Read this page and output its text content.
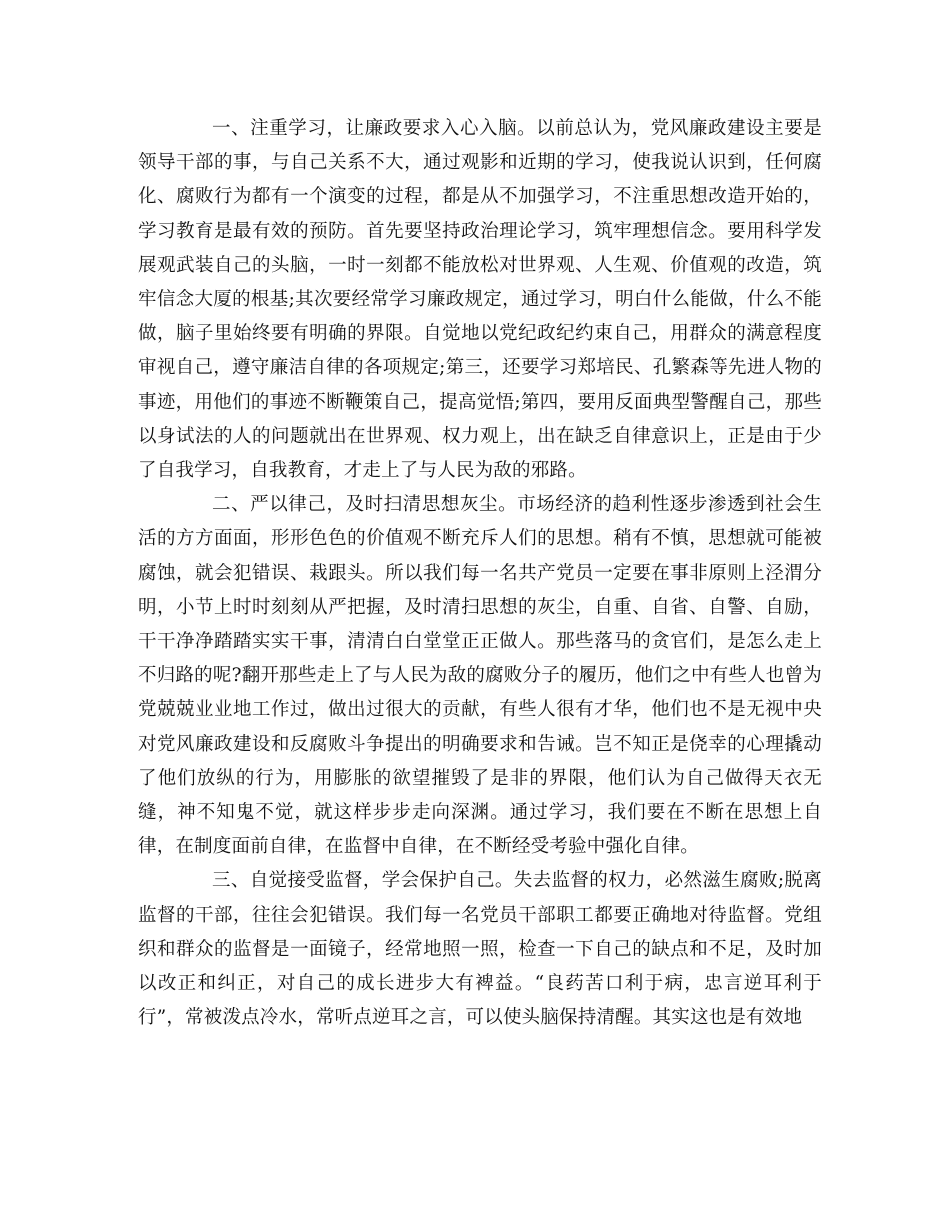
一、注重学习，让廉政要求入心入脑。以前总认为，党风廉政建设主要是领导干部的事，与自己关系不大，通过观影和近期的学习，使我说认识到，任何腐化、腐败行为都有一个演变的过程，都是从不加强学习，不注重思想改造开始的，学习教育是最有效的预防。首先要坚持政治理论学习，筑牢理想信念。要用科学发展观武装自己的头脑，一时一刻都不能放松对世界观、人生观、价值观的改造，筑牢信念大厦的根基;其次要经常学习廉政规定，通过学习，明白什么能做，什么不能做，脑子里始终要有明确的界限。自觉地以党纪政纪约束自己，用群众的满意程度审视自己，遵守廉洁自律的各项规定;第三，还要学习郑培民、孔繁森等先进人物的事迹，用他们的事迹不断鞭策自己，提高觉悟;第四，要用反面典型警醒自己，那些以身试法的人的问题就出在世界观、权力观上，出在缺乏自律意识上，正是由于少了自我学习，自我教育，才走上了与人民为敌的邪路。

二、严以律己，及时扫清思想灰尘。市场经济的趋利性逐步渗透到社会生活的方方面面，形形色色的价值观不断充斥人们的思想。稍有不慎，思想就可能被腐蚀，就会犯错误、栽跟头。所以我们每一名共产党员一定要在事非原则上泾渭分明，小节上时时刻刻从严把握，及时清扫思想的灰尘，自重、自省、自警、自励，干干净净踏踏实实干事，清清白白堂堂正正做人。那些落马的贪官们，是怎么走上不归路的呢?翻开那些走上了与人民为敌的腐败分子的履历，他们之中有些人也曾为党兢兢业业地工作过，做出过很大的贡献，有些人很有才华，他们也不是无视中央对党风廉政建设和反腐败斗争提出的明确要求和告诫。岂不知正是侥幸的心理撬动了他们放纵的行为，用膨胀的欲望摧毁了是非的界限，他们认为自己做得天衣无缝，神不知鬼不觉，就这样步步走向深渊。通过学习，我们要在不断在思想上自律，在制度面前自律，在监督中自律，在不断经受考验中强化自律。

三、自觉接受监督，学会保护自己。失去监督的权力，必然滋生腐败;脱离监督的干部，往往会犯错误。我们每一名党员干部职工都要正确地对待监督。党组织和群众的监督是一面镜子，经常地照一照，检查一下自己的缺点和不足，及时加以改正和纠正，对自己的成长进步大有裨益。“良药苦口利于病，忠言逆耳利于行”，常被泼点冷水，常听点逆耳之言，可以使头脑保持清醒。其实这也是有效地
